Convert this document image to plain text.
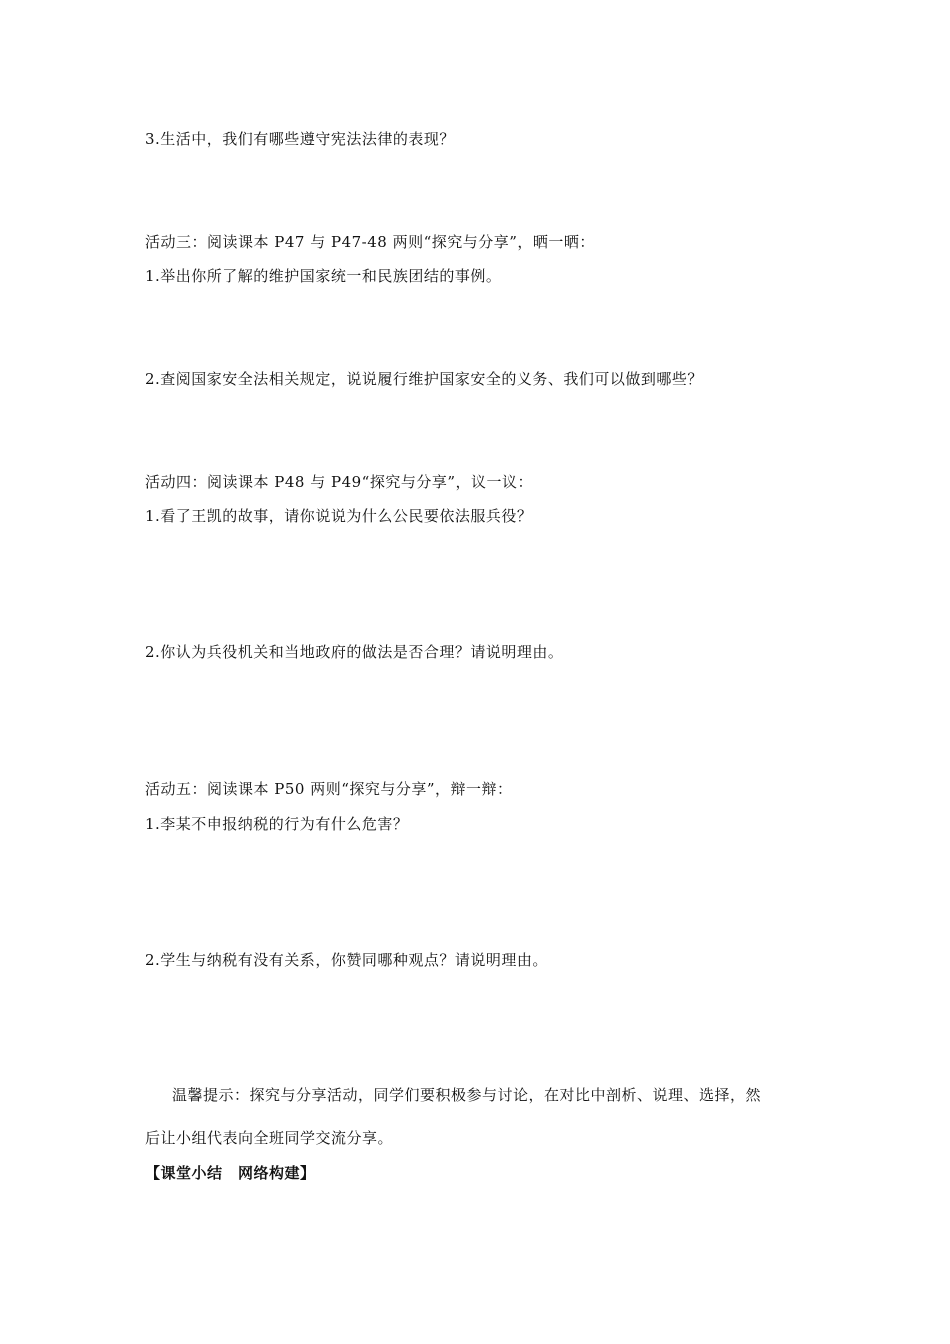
3.生活中，我们有哪些遵守宪法法律的表现？
活动三：阅读课本 P47 与 P47-48 两则“探究与分享”，晒一晒：
1.举出你所了解的维护国家统一和民族团结的事例。
2.查阅国家安全法相关规定，说说履行维护国家安全的义务、我们可以做到哪些？
活动四：阅读课本 P48 与 P49“探究与分享”，议一议：
1.看了王凯的故事，请你说说为什么公民要依法服兵役？
2.你认为兵役机关和当地政府的做法是否合理？请说明理由。
活动五：阅读课本 P50 两则“探究与分享”，辩一辩：
1.李某不申报纳税的行为有什么危害？
2.学生与纳税有没有关系，你赞同哪种观点？请说明理由。
温馨提示：探究与分享活动，同学们要积极参与讨论，在对比中剖析、说理、选择，然
后让小组代表向全班同学交流分享。
【课堂小结　网络构建】
